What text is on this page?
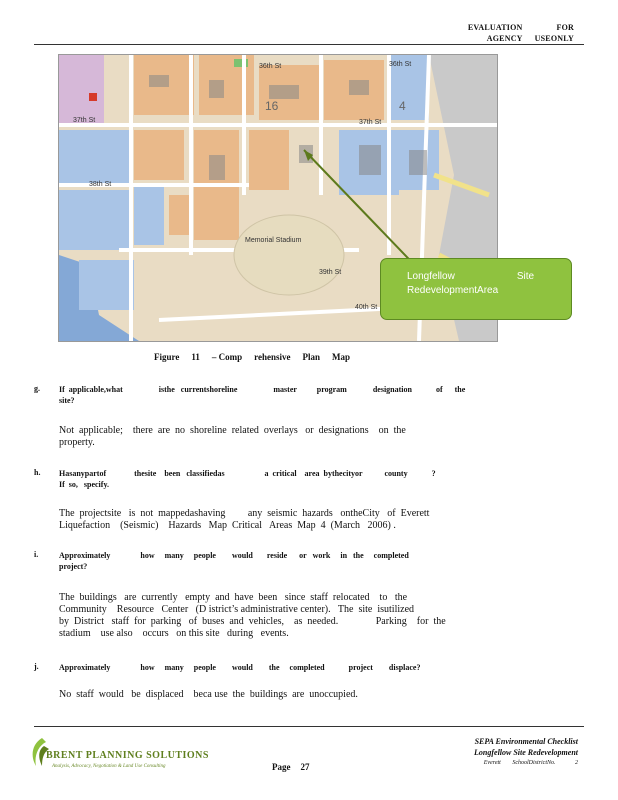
EVALUATION	FOR
AGENCY USEONLY
37th St
36th St	36th St
37th St
38th St
39th St
40th St
Memorial Stadium
16	4
Longfellow	Site
RedevelopmentArea
Figure 11 – Comp rehensive Plan Map
g. If  applicable,what                  isthe   currentshoreline                  master          program             designation            of      the
site?
Not  applicable;    there  are  no  shoreline  related  overlays   or  designations    on  the
property.
h. Hasanypartof              thesite    been   classifiedas                    a  critical    area  bythecityor           county            ?
If  so,   specify.
The  projectsite   is  not  mappedashaving         any  seismic  hazards   ontheCity   of  Everett
Liquefaction    (Seismic)    Hazards   Map  Critical   Areas  Map  4  (March   2006) .
i.	Approximately               how     many     people        would       reside      or   work     in   the     completed
project?
The  buildings   are  currently   empty  and  have  been   since  staff  relocated    to   the
Community    Resource   Center   (D istrict’s administrative center).   The  site  isutilized
by  District   staff  for  parking   of  buses  and  vehicles,    as  needed.               Parking    for  the
stadium    use also    occurs   on this site   during   events.
j.	Approximately               how     many     people        would        the     completed            project        displace?
No  staff  would   be  displaced    beca use  the  buildings  are  unoccupied.
BRENT PLANNING SOLUTIONS
Analysis, Advocacy, Negotiation & Land Use Consulting	Page 27
SEPA Environmental Checklist
Longfellow Site Redevelopment
Everett SchoolDistrictNo.	2
